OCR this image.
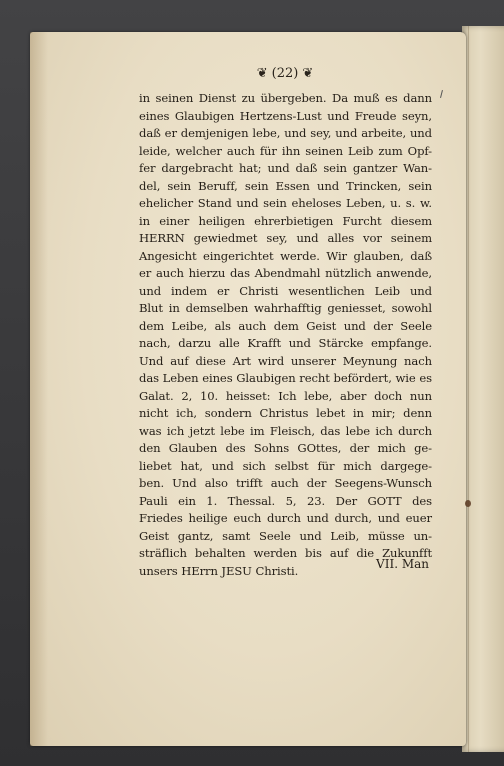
❦ (22) ❦
in seinen Dienst zu übergeben. Da muß es dann
eines Glaubigen Hertzens-Lust und Freude seyn,
daß er demjenigen lebe, und sey, und arbeite, und
leide, welcher auch für ihn seinen Leib zum Opf-
fer dargebracht hat; und daß sein gantzer Wan-
del, sein Beruff, sein Essen und Trincken, sein
ehelicher Stand und sein eheloses Leben, u. s. w.
in einer heiligen ehrerbietigen Furcht diesem
HERRN gewiedmet sey, und alles vor seinem
Angesicht eingerichtet werde. Wir glauben, daß
er auch hierzu das Abendmahl nützlich anwende,
und indem er Christi wesentlichen Leib und
Blut in demselben wahrhafftig geniesset, sowohl
dem Leibe, als auch dem Geist und der Seele
nach, darzu alle Krafft und Stärcke empfange.
Und auf diese Art wird unserer Meynung nach
das Leben eines Glaubigen recht befördert, wie es
Galat. 2, 10. heisset: Ich lebe, aber doch nun
nicht ich, sondern Christus lebet in mir; denn
was ich jetzt lebe im Fleisch, das lebe ich durch
den Glauben des Sohns GOttes, der mich ge-
liebet hat, und sich selbst für mich dargege-
ben. Und also trifft auch der Seegens-Wunsch
Pauli ein 1. Thessal. 5, 23. Der GOTT des
Friedes heilige euch durch und durch, und euer
Geist gantz, samt Seele und Leib, müsse un-
sträflich behalten werden bis auf die Zukunfft
unsers HErrn JESU Christi.	VII. Man
